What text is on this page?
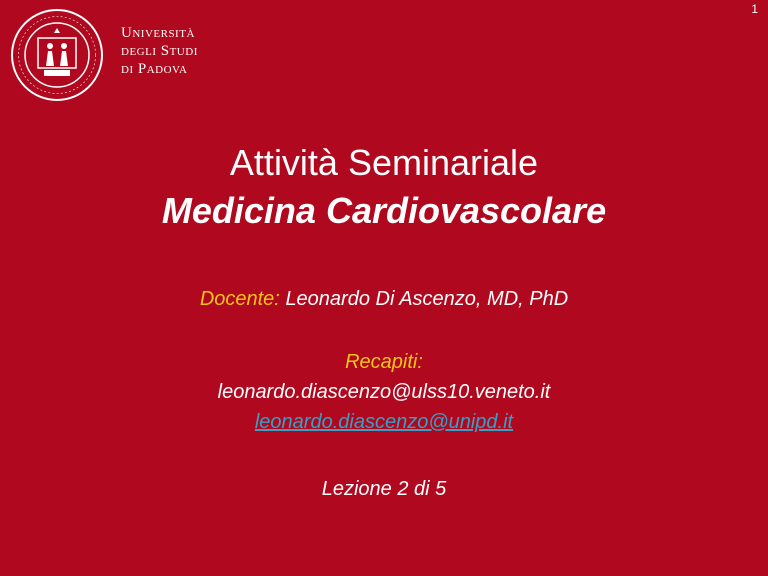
1
Università
degli Studi
di Padova
Attività Seminariale
Medicina Cardiovascolare
Docente: Leonardo Di Ascenzo, MD, PhD
Recapiti:
leonardo.diascenzo@ulss10.veneto.it
leonardo.diascenzo@unipd.it
Lezione 2 di 5
